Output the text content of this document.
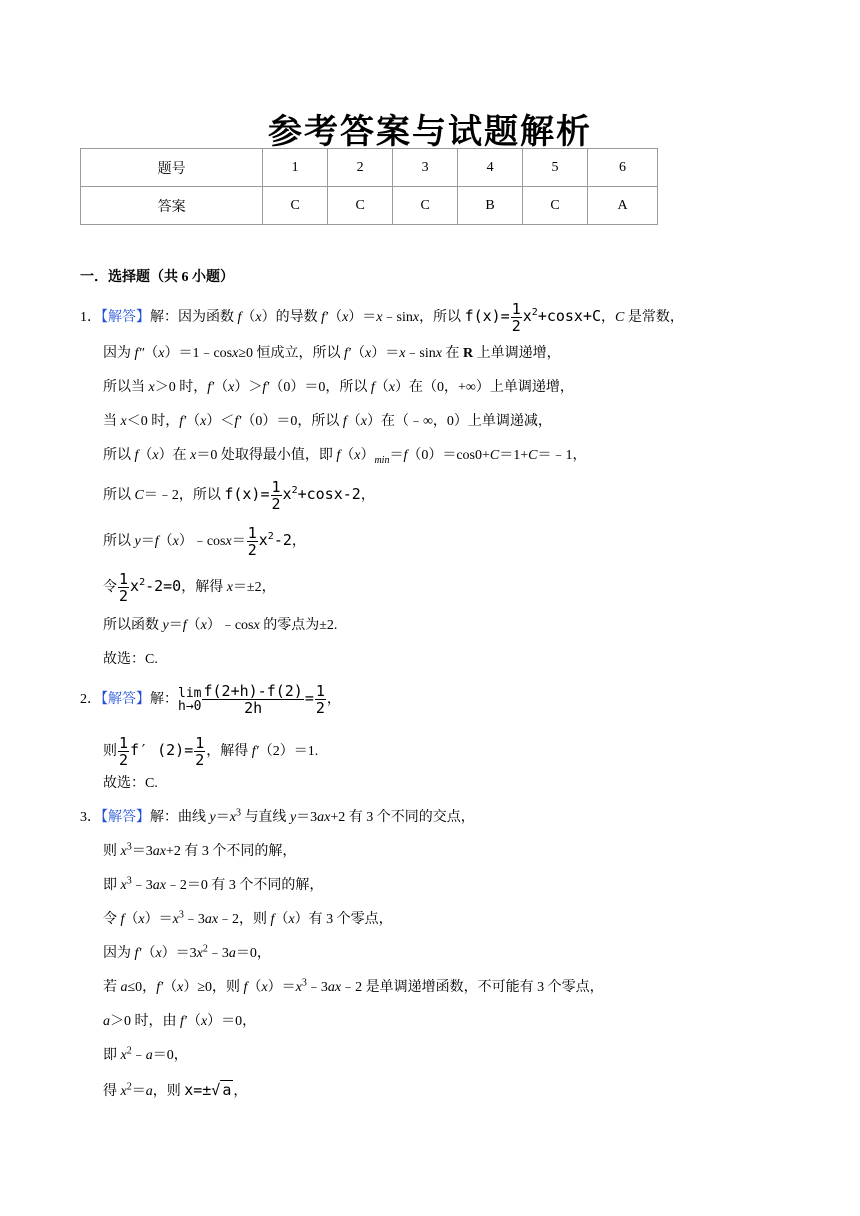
参考答案与试题解析
题号	1	2	3	4	5	6
答案	C	C	C	B	C	A
一．选择题（共 6 小题）
1．【解答】解：因为函数 f（x）的导数 f′（x）＝x﹣sinx，所以 $f(x)= \frac{1}{2} x^2+\cos x+C$，C 是常数，
因为 f″（x）＝1﹣cosx≥0 恒成立，所以 f′（x）＝x﹣sinx 在 R 上单调递增，
所以当 x＞0 时，f′（x）＞f′（0）＝0，所以 f（x）在（0，+∞）上单调递增，
当 x＜0 时，f′（x）＜f′（0）＝0，所以 f（x）在（﹣∞，0）上单调递减，
所以 f（x）在 x＝0 处取得最小值，即 $f(x)_{min}=f(0)=\cos 0+C=1+C=﹣1$，
所以 C＝﹣2，所以 $f(x)= \frac{1}{2} x^2+\cos x-2$，
所以 y＝f（x）﹣cosx＝ $\frac{1}{2} x^2-2$，
令 $\frac{1}{2} x^2-2=0$，解得 x＝±2，
所以函数 y＝f（x）﹣cosx 的零点为±2.
故选：C.
2．【解答】解： lim
$h\to 0 \frac{f(2+h)-f(2)}{2h} = \frac{1}{2}$ ，
则 $\frac{1}{2} f'$ $(2)= \frac{1}{2}$ ，解得 f′（2）＝1.
故选：C.
3．【解答】解：曲线 $y=x^3$ 与直线 y＝3ax+2 有 3 个不同的交点，
则 $x^3=3ax+2$ 有 3 个不同的解，
即 $x^3﹣3ax﹣2=0$ 有 3 个不同的解，
令 $f(x)=x^3﹣3ax﹣2$，则 f（x）有 3 个零点，
因为 $f'(x)=3x^2﹣3a=0$，
若 a≤0，f′（x）≥0，则 $f(x)=x^3﹣3ax﹣2$ 是单调递增函数，不可能有 3 个零点，
a＞0 时，由 f′（x）＝0，
即 $x^2﹣a=0$，
得 $x^2=a$，则 x=±√ a ，
